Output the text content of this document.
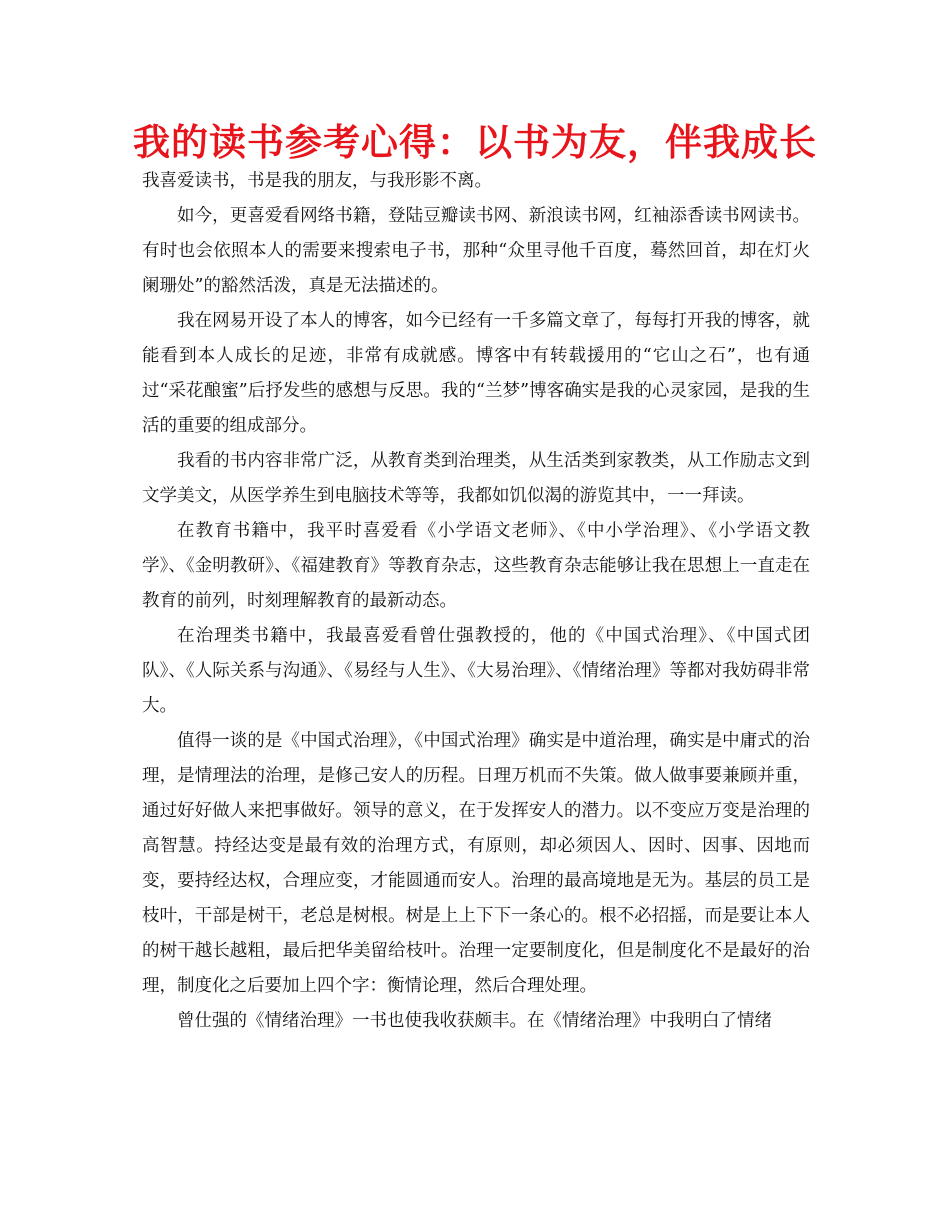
我的读书参考心得：以书为友，伴我成长

我喜爱读书，书是我的朋友，与我形影不离。

如今，更喜爱看网络书籍，登陆豆瓣读书网、新浪读书网，红袖添香读书网读书。有时也会依照本人的需要来搜索电子书，那种“众里寻他千百度，蓦然回首，却在灯火阑珊处”的豁然活泼，真是无法描述的。

我在网易开设了本人的博客，如今已经有一千多篇文章了，每每打开我的博客，就能看到本人成长的足迹，非常有成就感。博客中有转载援用的“它山之石”，也有通过“采花酿蜜”后抒发些的感想与反思。我的“兰梦”博客确实是我的心灵家园，是我的生活的重要的组成部分。

我看的书内容非常广泛，从教育类到治理类，从生活类到家教类，从工作励志文到文学美文，从医学养生到电脑技术等等，我都如饥似渴的游览其中，一一拜读。

在教育书籍中，我平时喜爱看《小学语文老师》、《中小学治理》、《小学语文教学》、《金明教研》、《福建教育》等教育杂志，这些教育杂志能够让我在思想上一直走在教育的前列，时刻理解教育的最新动态。

在治理类书籍中，我最喜爱看曾仕强教授的，他的《中国式治理》、《中国式团队》、《人际关系与沟通》、《易经与人生》、《大易治理》、《情绪治理》等都对我妨碍非常大。

值得一谈的是《中国式治理》，《中国式治理》确实是中道治理，确实是中庸式的治理，是情理法的治理，是修己安人的历程。日理万机而不失策。做人做事要兼顾并重，通过好好做人来把事做好。领导的意义，在于发挥安人的潜力。以不变应万变是治理的高智慧。持经达变是最有效的治理方式，有原则，却必须因人、因时、因事、因地而变，要持经达权，合理应变，才能圆通而安人。治理的最高境地是无为。基层的员工是枝叶，干部是树干，老总是树根。树是上上下下一条心的。根不必招摇，而是要让本人的树干越长越粗，最后把华美留给枝叶。治理一定要制度化，但是制度化不是最好的治理，制度化之后要加上四个字：衡情论理，然后合理处理。

曾仕强的《情绪治理》一书也使我收获颇丰。在《情绪治理》中我明白了情绪
